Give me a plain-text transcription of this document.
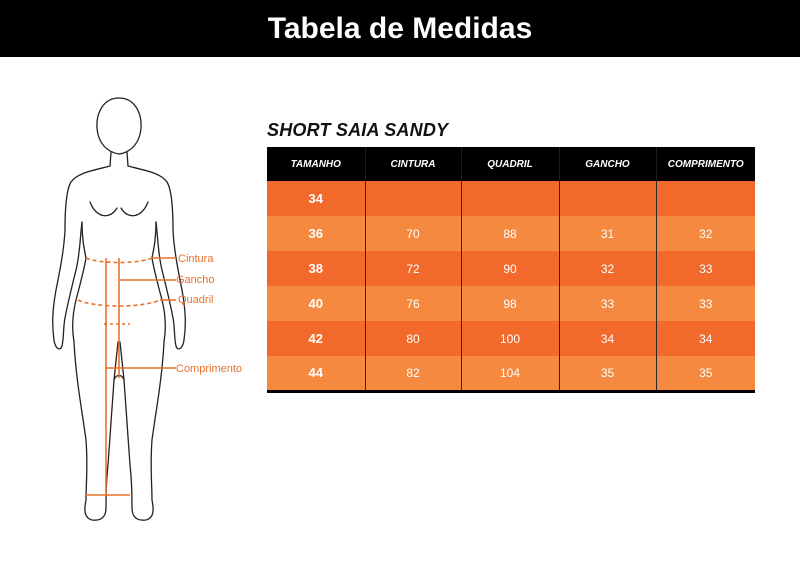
Tabela de Medidas
Cintura
Gancho
Quadril
Comprimento
SHORT SAIA SANDY
TAMANHO	CINTURA	QUADRIL	GANCHO	COMPRIMENTO
34				
36	70	88	31	32
38	72	90	32	33
40	76	98	33	33
42	80	100	34	34
44	82	104	35	35
